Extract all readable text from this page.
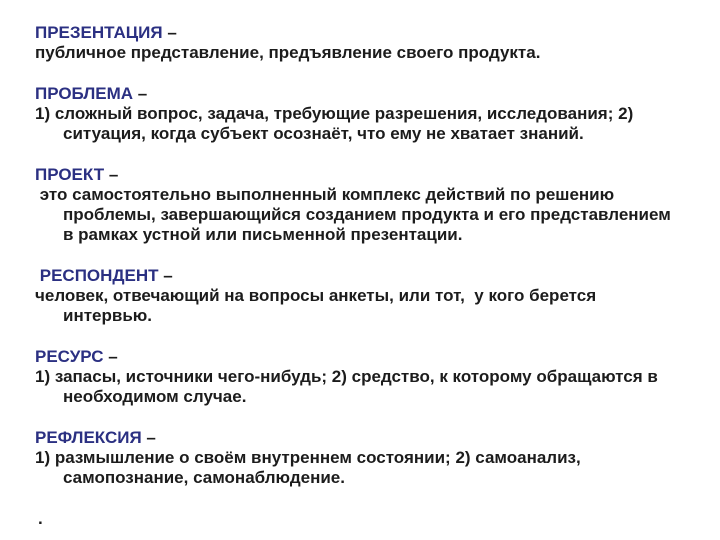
ПРЕЗЕНТАЦИЯ –

публичное представление, предъявление своего продукта.

ПРОБЛЕМА –

1) сложный вопрос, задача, требующие разрешения, исследования; 2)

ситуация, когда субъект осознаёт, что ему не хватает знаний.

ПРОЕКТ –

это самостоятельно выполненный комплекс действий по решению

проблемы, завершающийся созданием продукта и его представлением

в рамках устной или письменной презентации.

РЕСПОНДЕНТ –

человек, отвечающий на вопросы анкеты, или тот,  у кого берется

интервью.

РЕСУРС –

1) запасы, источники чего-нибудь; 2) средство, к которому обращаются в

необходимом случае.

РЕФЛЕКСИЯ –

1) размышление о своём внутреннем состоянии; 2) самоанализ,

самопознание, самонаблюдение.

.
